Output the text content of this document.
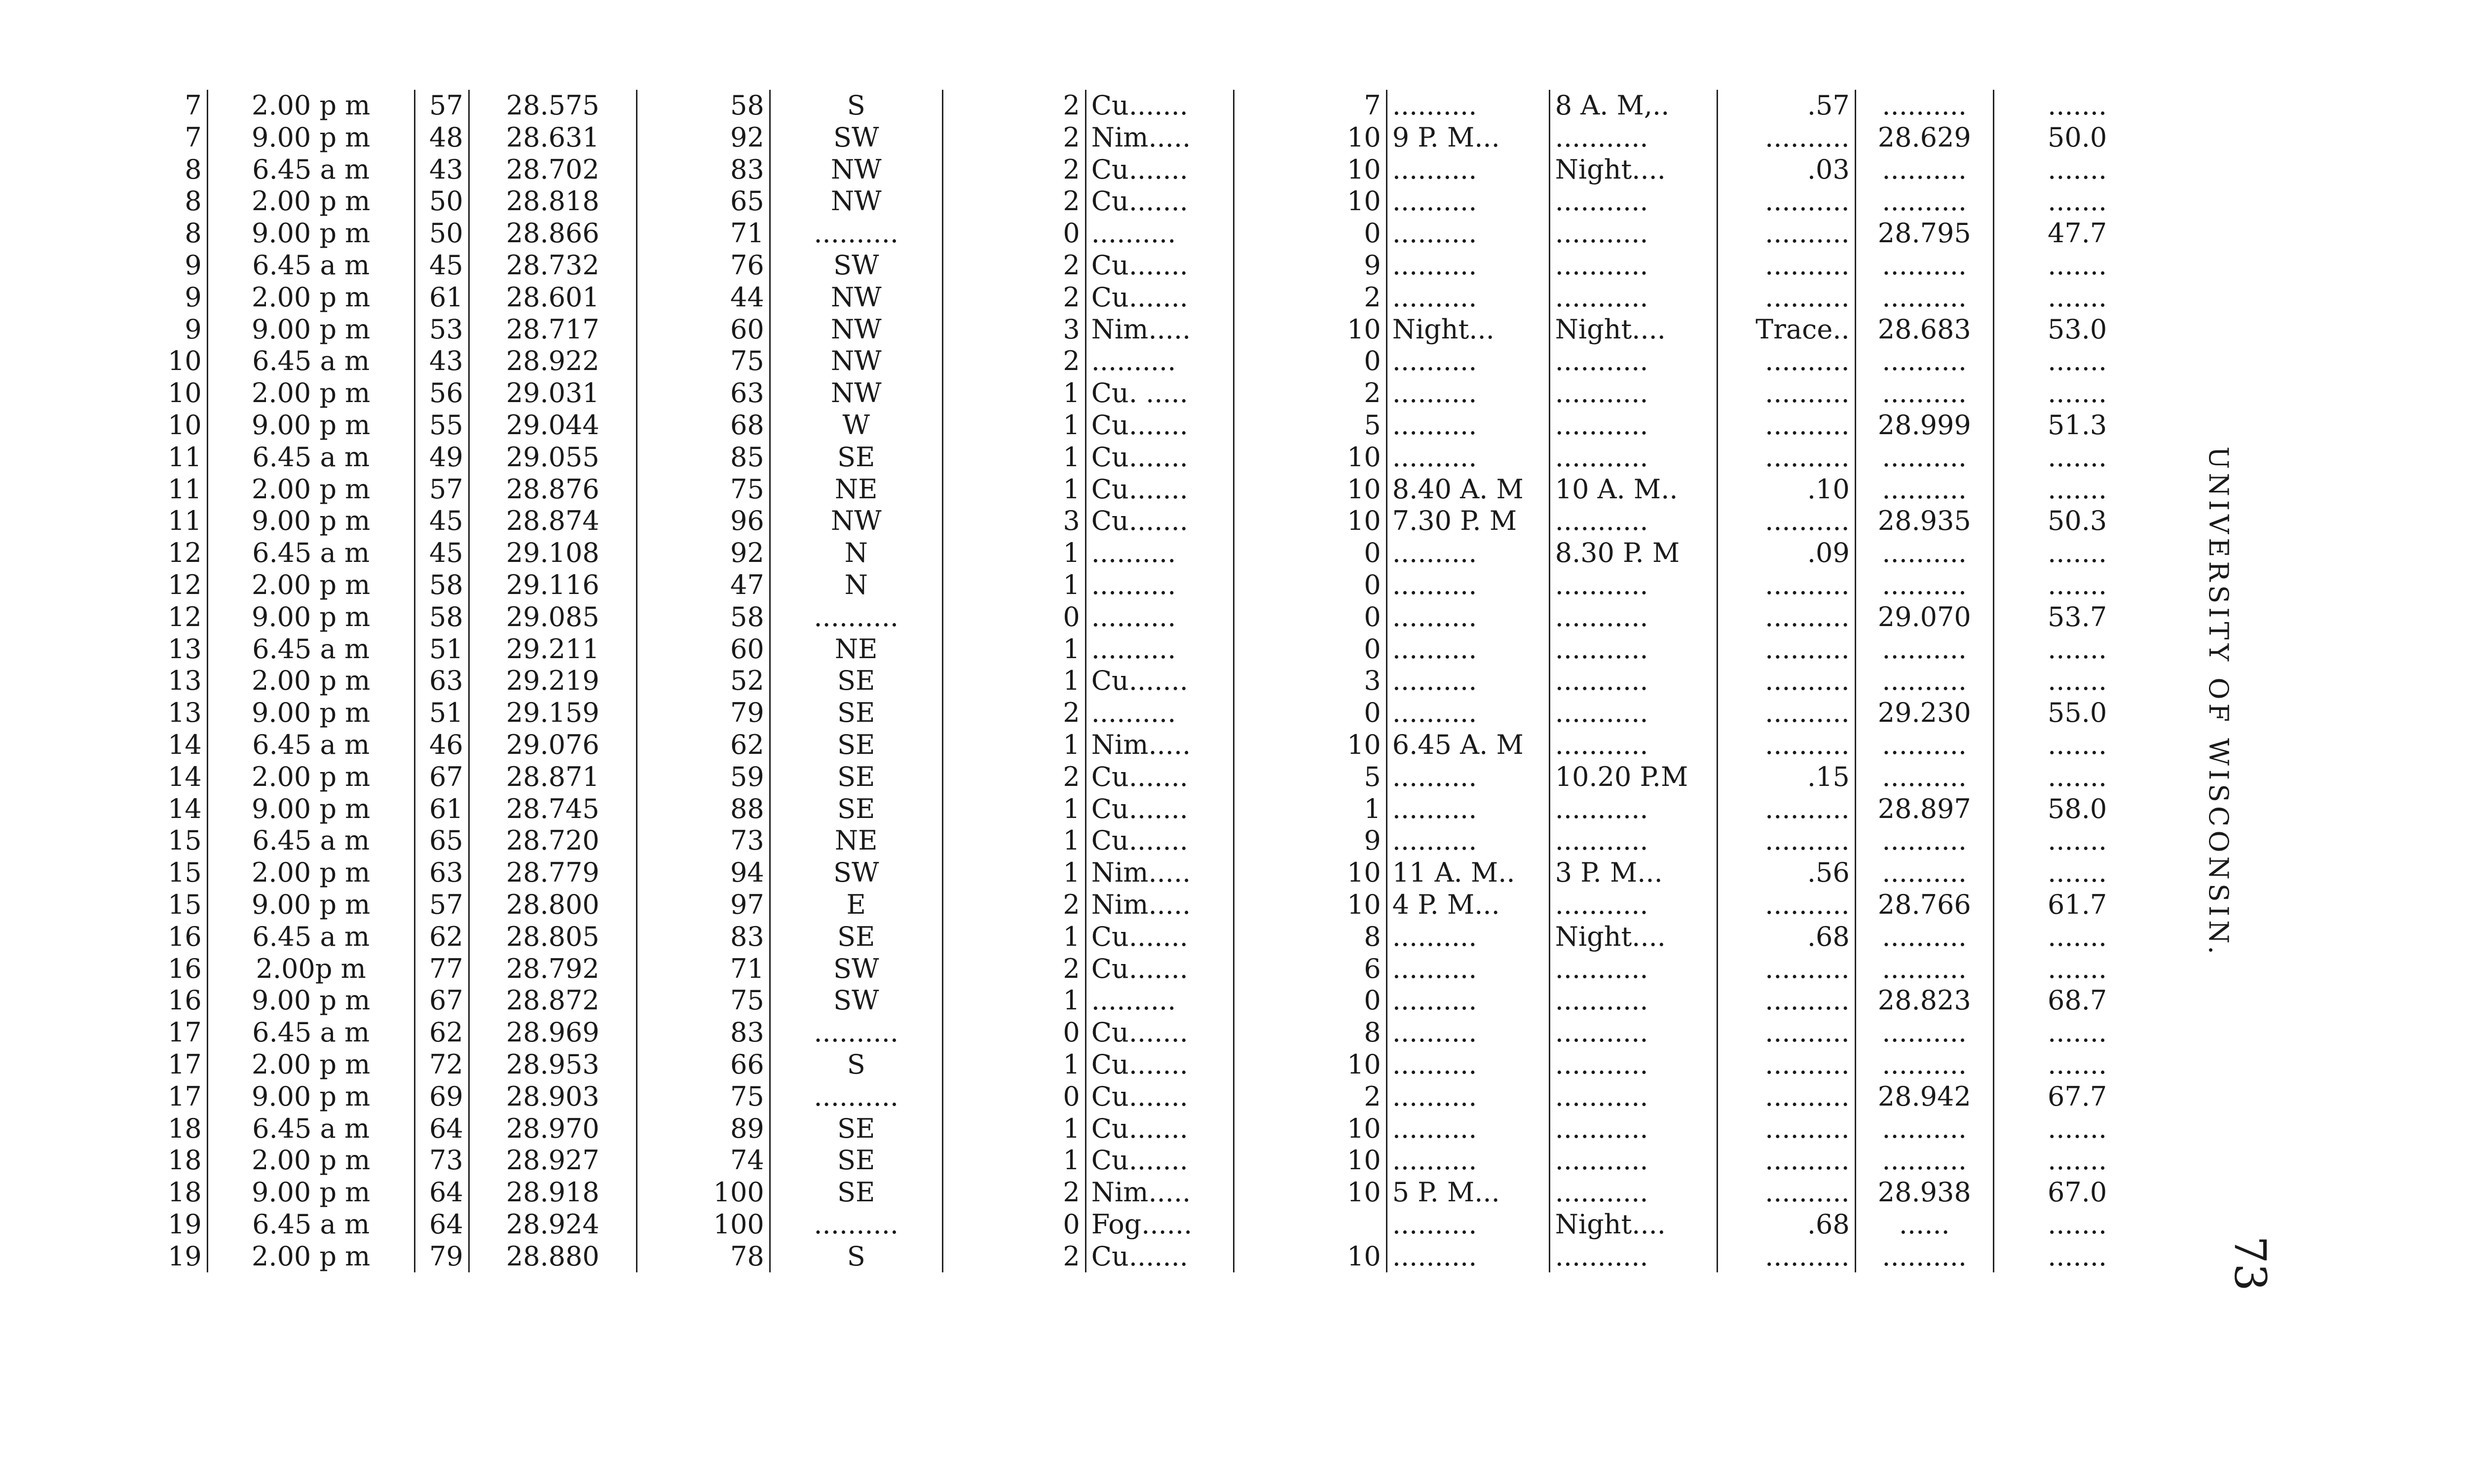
7	2.00 p m	57	28.575	58	S	2	Cu.......	7	..........	8 A. M,..	.57	..........	.......
7	9.00 p m	48	28.631	92	SW	2	Nim.....	10	9 P. M...	...........	..........	28.629	50.0
8	6.45 a m	43	28.702	83	NW	2	Cu.......	10	..........	Night....	.03	..........	.......
8	2.00 p m	50	28.818	65	NW	2	Cu.......	10	..........	...........	..........	..........	.......
8	9.00 p m	50	28.866	71	..........	0	..........	0	..........	...........	..........	28.795	47.7
9	6.45 a m	45	28.732	76	SW	2	Cu.......	9	..........	...........	..........	..........	.......
9	2.00 p m	61	28.601	44	NW	2	Cu.......	2	..........	...........	..........	..........	.......
9	9.00 p m	53	28.717	60	NW	3	Nim.....	10	Night...	Night....	Trace..	28.683	53.0
10	6.45 a m	43	28.922	75	NW	2	..........	0	..........	...........	..........	..........	.......
10	2.00 p m	56	29.031	63	NW	1	Cu. .....	2	..........	...........	..........	..........	.......
10	9.00 p m	55	29.044	68	W	1	Cu.......	5	..........	...........	..........	28.999	51.3
11	6.45 a m	49	29.055	85	SE	1	Cu.......	10	..........	...........	..........	..........	.......
11	2.00 p m	57	28.876	75	NE	1	Cu.......	10	8.40 A. M	10 A. M..	.10	..........	.......
11	9.00 p m	45	28.874	96	NW	3	Cu.......	10	7.30 P. M	...........	..........	28.935	50.3
12	6.45 a m	45	29.108	92	N	1	..........	0	..........	8.30 P. M	.09	..........	.......
12	2.00 p m	58	29.116	47	N	1	..........	0	..........	...........	..........	..........	.......
12	9.00 p m	58	29.085	58	..........	0	..........	0	..........	...........	..........	29.070	53.7
13	6.45 a m	51	29.211	60	NE	1	..........	0	..........	...........	..........	..........	.......
13	2.00 p m	63	29.219	52	SE	1	Cu.......	3	..........	...........	..........	..........	.......
13	9.00 p m	51	29.159	79	SE	2	..........	0	..........	...........	..........	29.230	55.0
14	6.45 a m	46	29.076	62	SE	1	Nim.....	10	6.45 A. M	...........	..........	..........	.......
14	2.00 p m	67	28.871	59	SE	2	Cu.......	5	..........	10.20 P.M	.15	..........	.......
14	9.00 p m	61	28.745	88	SE	1	Cu.......	1	..........	...........	..........	28.897	58.0
15	6.45 a m	65	28.720	73	NE	1	Cu.......	9	..........	...........	..........	..........	.......
15	2.00 p m	63	28.779	94	SW	1	Nim.....	10	11 A. M..	3 P. M...	.56	..........	.......
15	9.00 p m	57	28.800	97	E	2	Nim.....	10	4 P. M...	...........	..........	28.766	61.7
16	6.45 a m	62	28.805	83	SE	1	Cu.......	8	..........	Night....	.68	..........	.......
16	2.00p m	77	28.792	71	SW	2	Cu.......	6	..........	...........	..........	..........	.......
16	9.00 p m	67	28.872	75	SW	1	..........	0	..........	...........	..........	28.823	68.7
17	6.45 a m	62	28.969	83	..........	0	Cu.......	8	..........	...........	..........	..........	.......
17	2.00 p m	72	28.953	66	S	1	Cu.......	10	..........	...........	..........	..........	.......
17	9.00 p m	69	28.903	75	..........	0	Cu.......	2	..........	...........	..........	28.942	67.7
18	6.45 a m	64	28.970	89	SE	1	Cu.......	10	..........	...........	..........	..........	.......
18	2.00 p m	73	28.927	74	SE	1	Cu.......	10	..........	...........	..........	..........	.......
18	9.00 p m	64	28.918	100	SE	2	Nim.....	10	5 P. M...	...........	..........	28.938	67.0
19	6.45 a m	64	28.924	100	..........	0	Fog......		..........	Night....	.68	......	.......
19	2.00 p m	79	28.880	78	S	2	Cu.......	10	..........	...........	..........	..........	.......
UNIVERSITY OF WISCONSIN.
73
